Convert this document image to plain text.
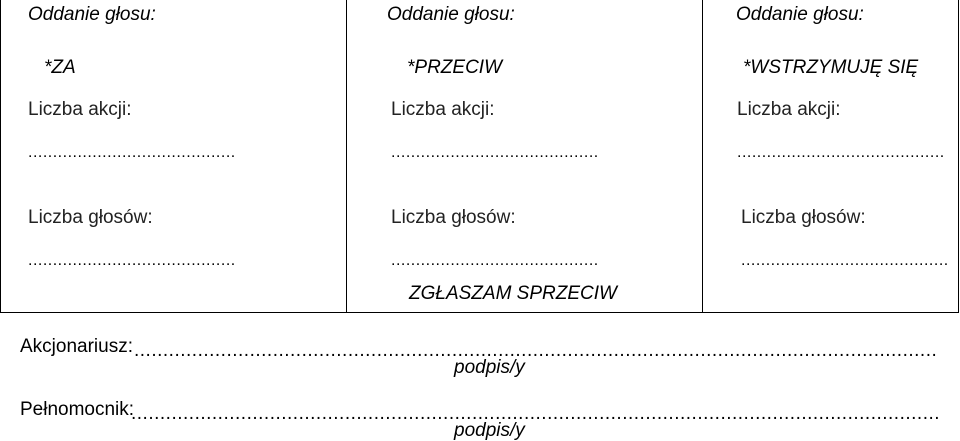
Oddanie głosu:
*ZA
Liczba akcji:
..........................................
Liczba głosów:
..........................................

Oddanie głosu:
*PRZECIW
Liczba akcji:
..........................................
Liczba głosów:
..........................................
ZGŁASZAM SPRZECIW

Oddanie głosu:
*WSTRZYMUJĘ SIĘ
Liczba akcji:
..........................................
Liczba głosów:
..........................................
Akcjonariusz: ...........................................................................................................................................
podpis/y
Pełnomocnik:
............................................................................................................................................
podpis/y
